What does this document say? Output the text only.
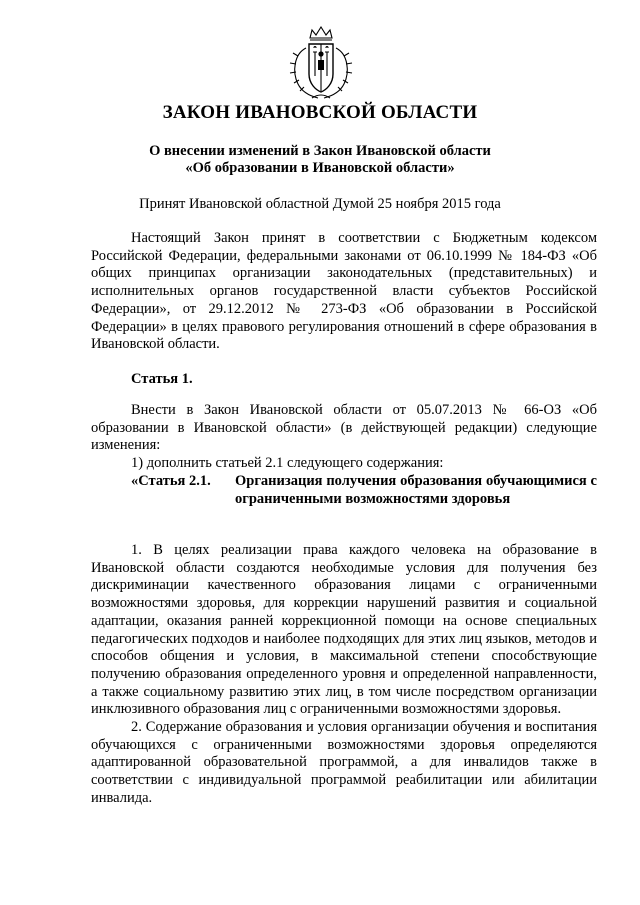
ЗАКОН ИВАНОВСКОЙ ОБЛАСТИ
О внесении изменений в Закон Ивановской области
«Об образовании в Ивановской области»
Принят Ивановской областной Думой 25 ноября 2015 года

Настоящий Закон принят в соответствии с Бюджетным кодексом Российской Федерации, федеральными законами от 06.10.1999 № 184-ФЗ «Об общих принципах организации законодательных (представительных) и исполнительных органов государственной власти субъектов Российской Федерации», от 29.12.2012 № 273-ФЗ «Об образовании в Российской Федерации» в целях правового регулирования отношений в сфере образования в Ивановской области.

Статья 1.

Внести в Закон Ивановской области от 05.07.2013 № 66-ОЗ «Об образовании в Ивановской области» (в действующей редакции) следующие изменения:

1) дополнить статьей 2.1 следующего содержания:

«Статья 2.1.	Организация получения образования обучающимися с ограниченными возможностями здоровья

1. В целях реализации права каждого человека на образование в Ивановской области создаются необходимые условия для получения без дискриминации качественного образования лицами с ограниченными возможностями здоровья, для коррекции нарушений развития и социальной адаптации, оказания ранней коррекционной помощи на основе специальных педагогических подходов и наиболее подходящих для этих лиц языков, методов и способов общения и условия, в максимальной степени способствующие получению образования определенного уровня и определенной направленности, а также социальному развитию этих лиц, в том числе посредством организации инклюзивного образования лиц с ограниченными возможностями здоровья.

2. Содержание образования и условия организации обучения и воспитания обучающихся с ограниченными возможностями здоровья определяются адаптированной образовательной программой, а для инвалидов также в соответствии с индивидуальной программой реабилитации или абилитации инвалида.
